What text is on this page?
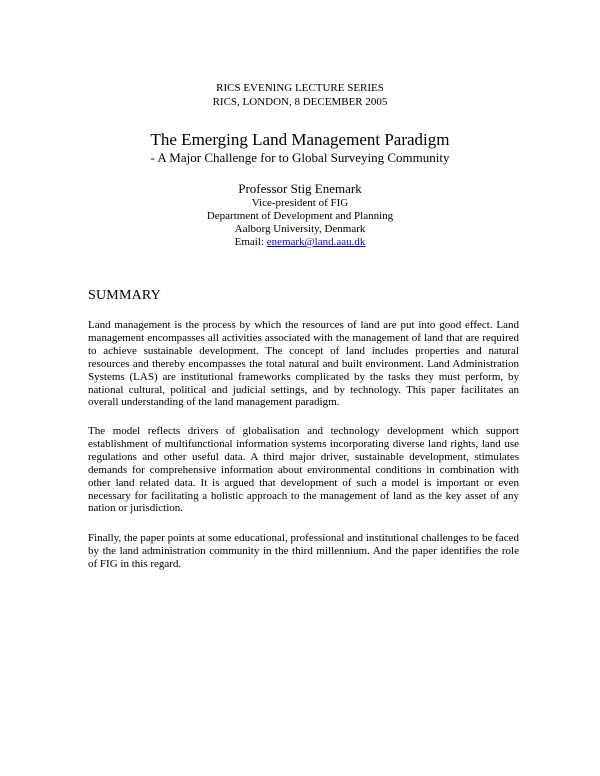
RICS EVENING LECTURE SERIES
RICS, LONDON, 8 DECEMBER 2005
The Emerging Land Management Paradigm
- A Major Challenge for to Global Surveying Community
Professor Stig Enemark
Vice-president of FIG
Department of Development and Planning
Aalborg University, Denmark
Email: enemark@land.aau.dk
SUMMARY

Land management is the process by which the resources of land are put into good effect. Land management encompasses all activities associated with the management of land that are required to achieve sustainable development. The concept of land includes properties and natural resources and thereby encompasses the total natural and built environment. Land Administration Systems (LAS) are institutional frameworks complicated by the tasks they must perform, by national cultural, political and judicial settings, and by technology. This paper facilitates an overall understanding of the land management paradigm.

The model reflects drivers of globalisation and technology development which support establishment of multifunctional information systems incorporating diverse land rights, land use regulations and other useful data. A third major driver, sustainable development, stimulates demands for comprehensive information about environmental conditions in combination with other land related data. It is argued that development of such a model is important or even necessary for facilitating a holistic approach to the management of land as the key asset of any nation or jurisdiction.

Finally, the paper points at some educational, professional and institutional challenges to be faced by the land administration community in the third millennium. And the paper identifies the role of FIG in this regard.
